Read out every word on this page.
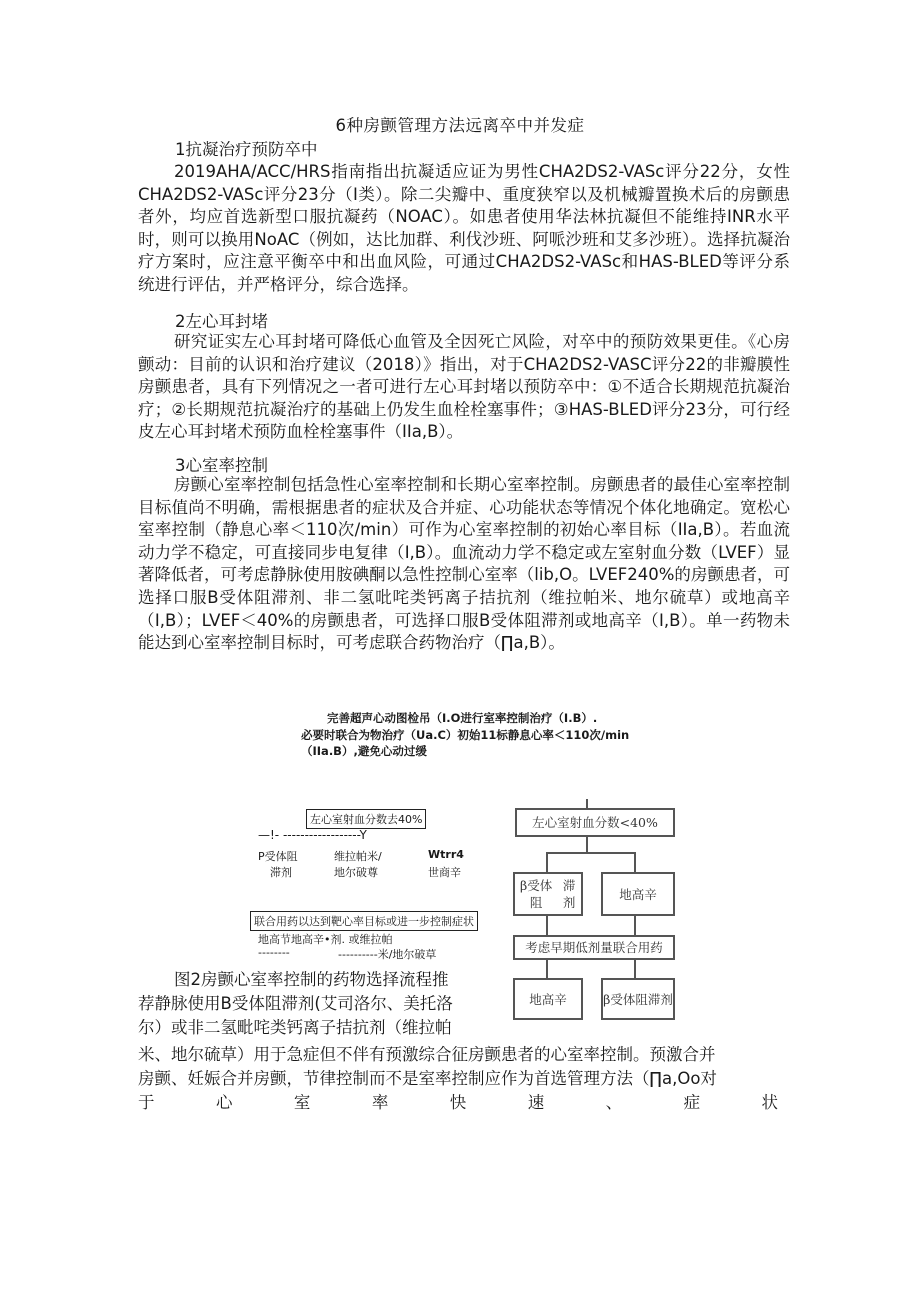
6种房颤管理方法远离卒中并发症
1抗凝治疗预防卒中
2019AHA/ACC/HRS指南指出抗凝适应证为男性CHA2DS2-VASc评分22分，女性CHA2DS2-VASc评分23分（I类）。除二尖瓣中、重度狭窄以及机械瓣置换术后的房颤患者外，均应首选新型口服抗凝药（NOAC）。如患者使用华法林抗凝但不能维持INR水平时，则可以换用NoAC（例如，达比加群、利伐沙班、阿哌沙班和艾多沙班）。选择抗凝治疗方案时，应注意平衡卒中和出血风险，可通过CHA2DS2-VASc和HAS-BLED等评分系统进行评估，并严格评分，综合选择。
2左心耳封堵
研究证实左心耳封堵可降低心血管及全因死亡风险，对卒中的预防效果更佳。《心房颤动：目前的认识和治疗建议（2018）》指出，对于CHA2DS2-VASC评分22的非瓣膜性房颤患者，具有下列情况之一者可进行左心耳封堵以预防卒中：①不适合长期规范抗凝治疗；②长期规范抗凝治疗的基础上仍发生血栓栓塞事件；③HAS-BLED评分23分，可行经皮左心耳封堵术预防血栓栓塞事件（IIa,B）。
3心室率控制
房颤心室率控制包括急性心室率控制和长期心室率控制。房颤患者的最佳心室率控制目标值尚不明确，需根据患者的症状及合并症、心功能状态等情况个体化地确定。宽松心室率控制（静息心率＜110次/min）可作为心室率控制的初始心率目标（IIa,B）。若血流动力学不稳定，可直接同步电复律（I,B）。血流动力学不稳定或左室射血分数（LVEF）显著降低者，可考虑静脉使用胺碘酮以急性控制心室率（lib,O。LVEF240%的房颤患者，可选择口服B受体阻滞剂、非二氢吡咤类钙离子拮抗剂（维拉帕米、地尔硫草）或地高辛（I,B）；LVEF＜40%的房颤患者，可选择口服B受体阻滞剂或地高辛（I,B）。单一药物未能达到心室率控制目标时，可考虑联合药物治疗（∏a,B）。
完善超声心动图检吊（I.O进行室率控制治疗（I.B）.
必要时联合为物治疗（Ua.C）初始11标静息心率＜110次/min
（IIa.B）,避免心动过缓
左心室射血分数去40%
—!- ------------------Y
P受体阻
滞剂
维拉帕米/
地尔破尊
Wtrr4
世商辛
联合用药以达到靶心率目标或进一步控制症状
地高节地高辛•剂. 或维拉帕
--------	----------米/地尔破草
左心室射血分数<40%
β受体阻

滞剂
地高辛
考虑早期低剂量联合用药
地高辛	β受体阻 滞剂
图2房颤心室率控制的药物选择流程推
荐静脉使用B受体阻滞剂(艾司洛尔、美托洛
尔）或非二氢毗咤类钙离子拮抗剂（维拉帕
米、地尔硫草）用于急症但不伴有预激综合征房颤患者的心室率控制。预激合并
房颤、妊娠合并房颤，节律控制而不是室率控制应作为首选管理方法（∏a,Oo对
于	心	室	率	快	速	、	症	状
